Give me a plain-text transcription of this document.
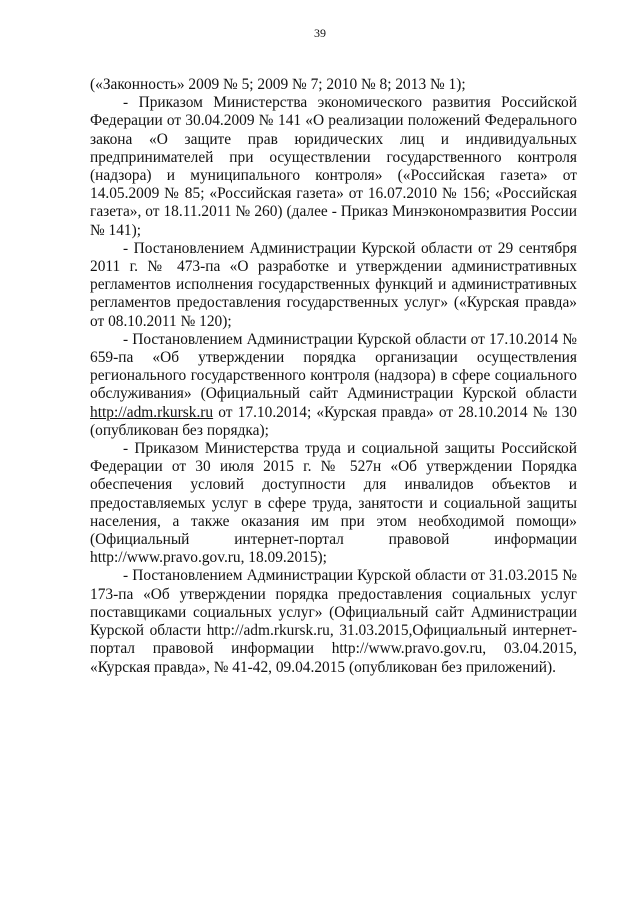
39

(«Законность» 2009 № 5; 2009 № 7; 2010 № 8; 2013 № 1);

- Приказом Министерства экономического развития Российской Федерации от 30.04.2009 № 141 «О реализации положений Федерального закона «О защите прав юридических лиц и индивидуальных предпринимателей при осуществлении государственного контроля (надзора) и муниципального контроля» («Российская газета» от 14.05.2009 № 85; «Российская газета» от 16.07.2010 № 156; «Российская газета», от 18.11.2011 № 260) (далее - Приказ Минэкономразвития России № 141);

- Постановлением Администрации Курской области от 29 сентября 2011 г. № 473-па «О разработке и утверждении административных регламентов исполнения государственных функций и административных регламентов предоставления государственных услуг» («Курская правда» от 08.10.2011 № 120);

- Постановлением Администрации Курской области от 17.10.2014 № 659-па «Об утверждении порядка организации осуществления регионального государственного контроля (надзора) в сфере социального обслуживания» (Официальный сайт Администрации Курской области http://adm.rkursk.ru от 17.10.2014; «Курская правда» от 28.10.2014 № 130 (опубликован без порядка);

- Приказом Министерства труда и социальной защиты Российской Федерации от 30 июля 2015 г. № 527н «Об утверждении Порядка обеспечения условий доступности для инвалидов объектов и предоставляемых услуг в сфере труда, занятости и социальной защиты населения, а также оказания им при этом необходимой помощи» (Официальный интернет-портал правовой информации http://www.pravo.gov.ru, 18.09.2015);

- Постановлением Администрации Курской области от 31.03.2015 № 173-па «Об утверждении порядка предоставления социальных услуг поставщиками социальных услуг» (Официальный сайт Администрации Курской области http://adm.rkursk.ru, 31.03.2015,Официальный интернет-портал правовой информации http://www.pravo.gov.ru, 03.04.2015, «Курская правда», № 41-42, 09.04.2015 (опубликован без приложений).
